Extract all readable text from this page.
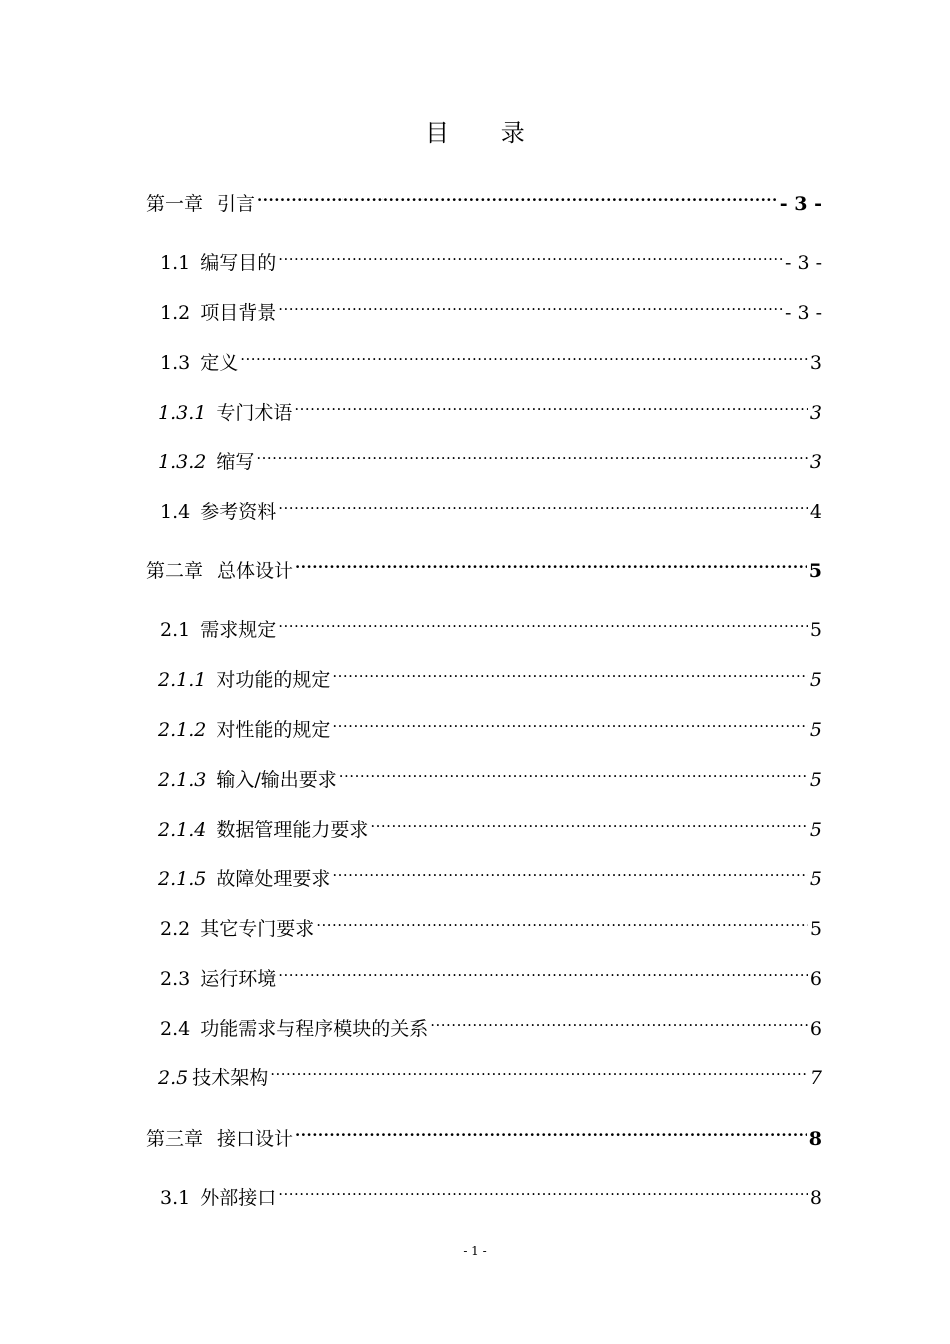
目 录
第一章 引言 .....	- 3 -
1.1 编写目的 .....	- 3 -
1.2 项目背景 .....	- 3 -
1.3 定义 .....	3
1.3.1 专门术语 .....	3
1.3.2 缩写 .....	3
1.4 参考资料 .....	4
第二章 总体设计 .....	5
2.1 需求规定 .....	5
2.1.1 对功能的规定 .....	5
2.1.2 对性能的规定 .....	5
2.1.3 输入/输出要求 .....	5
2.1.4 数据管理能力要求 .....	5
2.1.5 故障处理要求 .....	5
2.2 其它专门要求 .....	5
2.3 运行环境 .....	6
2.4 功能需求与程序模块的关系 .....	6
2.5 技术架构 .....	7
第三章 接口设计 .....	8
3.1 外部接口 .....	8
- 1 -
